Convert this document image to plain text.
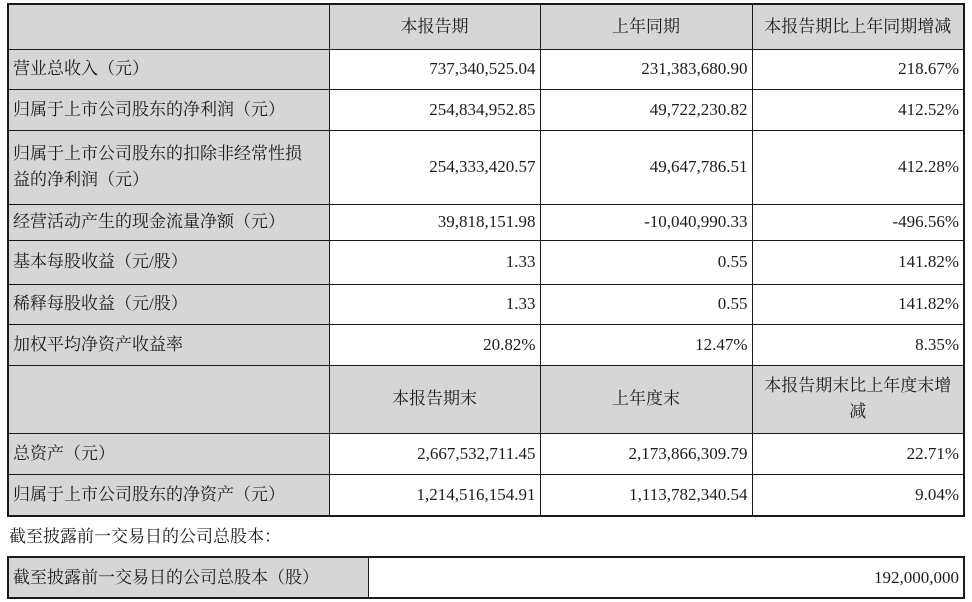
	本报告期	上年同期	本报告期比上年同期增减
营业总收入（元）	737,340,525.04	231,383,680.90	218.67%
归属于上市公司股东的净利润（元）	254,834,952.85	49,722,230.82	412.52%
归属于上市公司股东的扣除非经常性损益的净利润（元）	254,333,420.57	49,647,786.51	412.28%
经营活动产生的现金流量净额（元）	39,818,151.98	-10,040,990.33	-496.56%
基本每股收益（元/股）	1.33	0.55	141.82%
稀释每股收益（元/股）	1.33	0.55	141.82%
加权平均净资产收益率	20.82%	12.47%	8.35%
	本报告期末	上年度末	本报告期末比上年度末增减
总资产（元）	2,667,532,711.45	2,173,866,309.79	22.71%
归属于上市公司股东的净资产（元）	1,214,516,154.91	1,113,782,340.54	9.04%
截至披露前一交易日的公司总股本：
截至披露前一交易日的公司总股本（股）	192,000,000
